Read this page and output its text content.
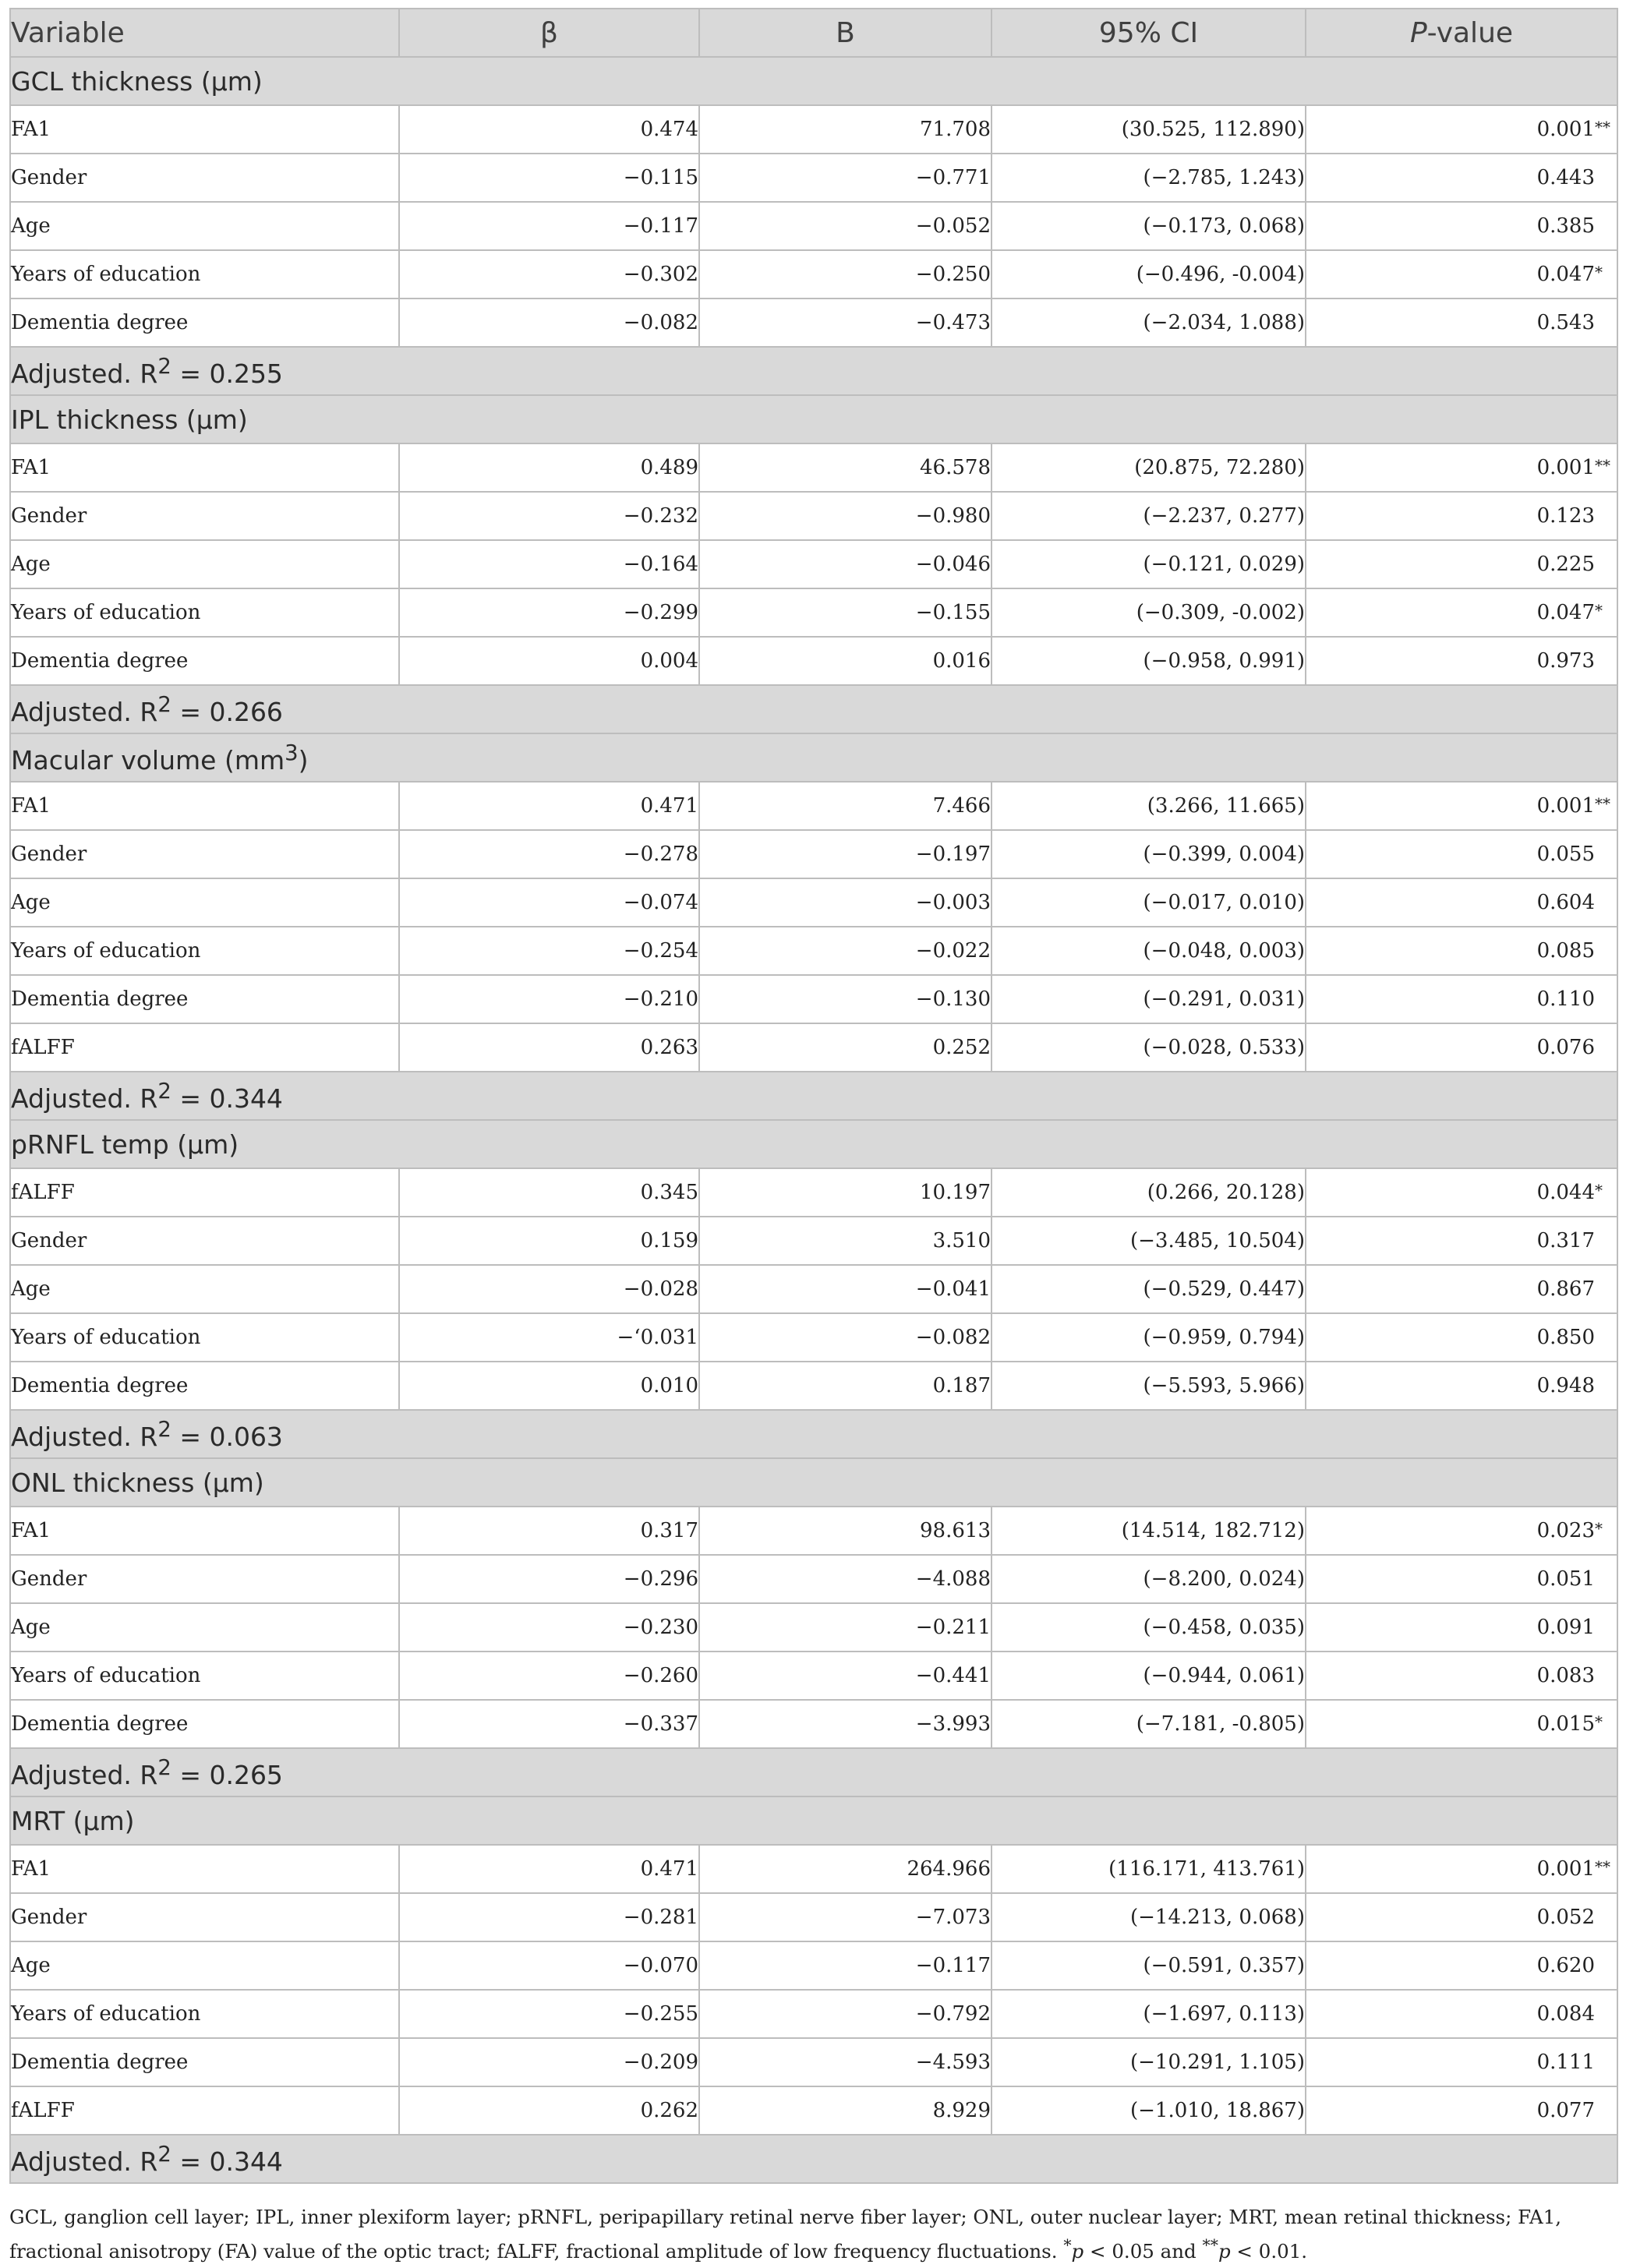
Variable	β	B	95% CI	P-value
GCL thickness (μm)				
FA1	0.474	71.708	(30.525, 112.890)	0.001**
Gender	−0.115	−0.771	(−2.785, 1.243)	0.443
Age	−0.117	−0.052	(−0.173, 0.068)	0.385
Years of education	−0.302	−0.250	(−0.496, -0.004)	0.047*
Dementia degree	−0.082	−0.473	(−2.034, 1.088)	0.543
Adjusted. $R^2 = 0.255$				
IPL thickness (μm)				
FA1	0.489	46.578	(20.875, 72.280)	0.001**
Gender	−0.232	−0.980	(−2.237, 0.277)	0.123
Age	−0.164	−0.046	(−0.121, 0.029)	0.225
Years of education	−0.299	−0.155	(−0.309, -0.002)	0.047*
Dementia degree	0.004	0.016	(−0.958, 0.991)	0.973
Adjusted. $R^2 = 0.266$				
Macular volume $(mm^3)$				
FA1	0.471	7.466	(3.266, 11.665)	0.001**
Gender	−0.278	−0.197	(−0.399, 0.004)	0.055
Age	−0.074	−0.003	(−0.017, 0.010)	0.604
Years of education	−0.254	−0.022	(−0.048, 0.003)	0.085
Dementia degree	−0.210	−0.130	(−0.291, 0.031)	0.110
fALFF	0.263	0.252	(−0.028, 0.533)	0.076
Adjusted. $R^2 = 0.344$				
pRNFL temp (μm)				
fALFF	0.345	10.197	(0.266, 20.128)	0.044*
Gender	0.159	3.510	(−3.485, 10.504)	0.317
Age	−0.028	−0.041	(−0.529, 0.447)	0.867
Years of education	−‘0.031	−0.082	(−0.959, 0.794)	0.850
Dementia degree	0.010	0.187	(−5.593, 5.966)	0.948
Adjusted. $R^2 = 0.063$				
ONL thickness (μm)				
FA1	0.317	98.613	(14.514, 182.712)	0.023*
Gender	−0.296	−4.088	(−8.200, 0.024)	0.051
Age	−0.230	−0.211	(−0.458, 0.035)	0.091
Years of education	−0.260	−0.441	(−0.944, 0.061)	0.083
Dementia degree	−0.337	−3.993	(−7.181, -0.805)	0.015*
Adjusted. $R^2 = 0.265$				
MRT (μm)				
FA1	0.471	264.966	(116.171, 413.761)	0.001**
Gender	−0.281	−7.073	(−14.213, 0.068)	0.052
Age	−0.070	−0.117	(−0.591, 0.357)	0.620
Years of education	−0.255	−0.792	(−1.697, 0.113)	0.084
Dementia degree	−0.209	−4.593	(−10.291, 1.105)	0.111
fALFF	0.262	8.929	(−1.010, 18.867)	0.077
Adjusted. $R^2 = 0.344$				
GCL, ganglion cell layer; IPL, inner plexiform layer; pRNFL, peripapillary retinal nerve fiber layer; ONL, outer nuclear layer; MRT, mean retinal thickness; FA1, fractional anisotropy (FA) value of the optic tract; fALFF, fractional amplitude of low frequency fluctuations. *p < 0.05 and **p < 0.01.
